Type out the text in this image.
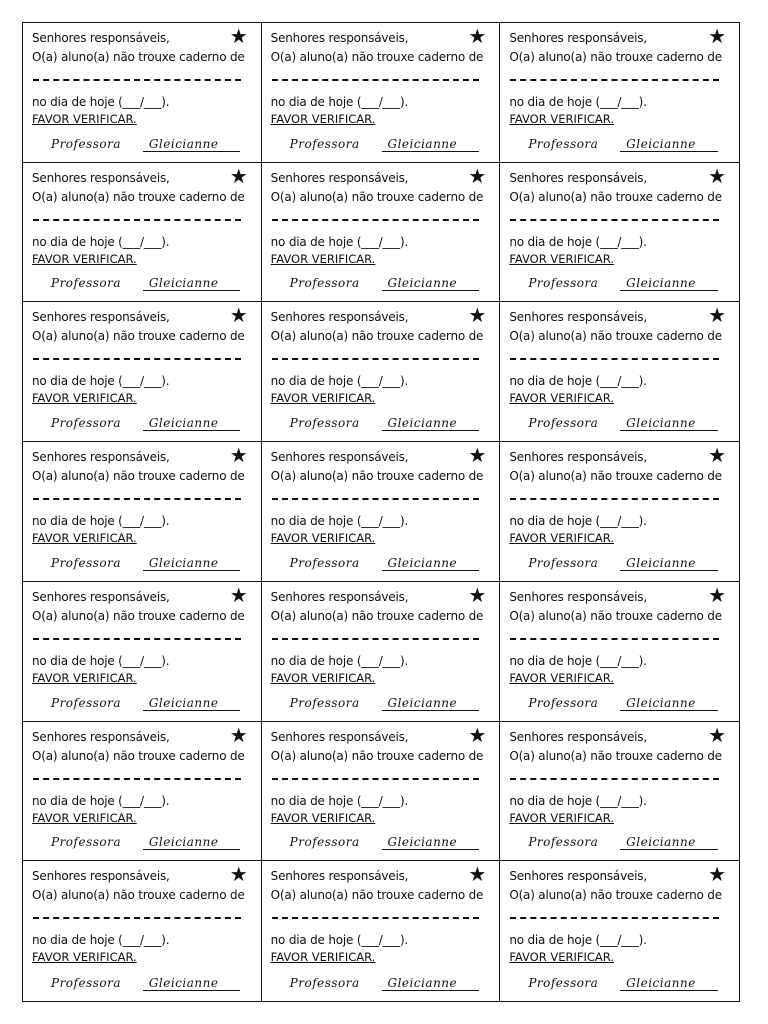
★
Senhores responsáveis,
O(a) aluno(a) não trouxe caderno de
no dia de hoje (___/___).
FAVOR VERIFICAR.
Professora Gleicianne
★
Senhores responsáveis,
O(a) aluno(a) não trouxe caderno de
no dia de hoje (___/___).
FAVOR VERIFICAR.
Professora Gleicianne
★
Senhores responsáveis,
O(a) aluno(a) não trouxe caderno de
no dia de hoje (___/___).
FAVOR VERIFICAR.
Professora Gleicianne
★
Senhores responsáveis,
O(a) aluno(a) não trouxe caderno de
no dia de hoje (___/___).
FAVOR VERIFICAR.
Professora Gleicianne
★
Senhores responsáveis,
O(a) aluno(a) não trouxe caderno de
no dia de hoje (___/___).
FAVOR VERIFICAR.
Professora Gleicianne
★
Senhores responsáveis,
O(a) aluno(a) não trouxe caderno de
no dia de hoje (___/___).
FAVOR VERIFICAR.
Professora Gleicianne
★
Senhores responsáveis,
O(a) aluno(a) não trouxe caderno de
no dia de hoje (___/___).
FAVOR VERIFICAR.
Professora Gleicianne
★
Senhores responsáveis,
O(a) aluno(a) não trouxe caderno de
no dia de hoje (___/___).
FAVOR VERIFICAR.
Professora Gleicianne
★
Senhores responsáveis,
O(a) aluno(a) não trouxe caderno de
no dia de hoje (___/___).
FAVOR VERIFICAR.
Professora Gleicianne
★
Senhores responsáveis,
O(a) aluno(a) não trouxe caderno de
no dia de hoje (___/___).
FAVOR VERIFICAR.
Professora Gleicianne
★
Senhores responsáveis,
O(a) aluno(a) não trouxe caderno de
no dia de hoje (___/___).
FAVOR VERIFICAR.
Professora Gleicianne
★
Senhores responsáveis,
O(a) aluno(a) não trouxe caderno de
no dia de hoje (___/___).
FAVOR VERIFICAR.
Professora Gleicianne
★
Senhores responsáveis,
O(a) aluno(a) não trouxe caderno de
no dia de hoje (___/___).
FAVOR VERIFICAR.
Professora Gleicianne
★
Senhores responsáveis,
O(a) aluno(a) não trouxe caderno de
no dia de hoje (___/___).
FAVOR VERIFICAR.
Professora Gleicianne
★
Senhores responsáveis,
O(a) aluno(a) não trouxe caderno de
no dia de hoje (___/___).
FAVOR VERIFICAR.
Professora Gleicianne
★
Senhores responsáveis,
O(a) aluno(a) não trouxe caderno de
no dia de hoje (___/___).
FAVOR VERIFICAR.
Professora Gleicianne
★
Senhores responsáveis,
O(a) aluno(a) não trouxe caderno de
no dia de hoje (___/___).
FAVOR VERIFICAR.
Professora Gleicianne
★
Senhores responsáveis,
O(a) aluno(a) não trouxe caderno de
no dia de hoje (___/___).
FAVOR VERIFICAR.
Professora Gleicianne
★
Senhores responsáveis,
O(a) aluno(a) não trouxe caderno de
no dia de hoje (___/___).
FAVOR VERIFICAR.
Professora Gleicianne
★
Senhores responsáveis,
O(a) aluno(a) não trouxe caderno de
no dia de hoje (___/___).
FAVOR VERIFICAR.
Professora Gleicianne
★
Senhores responsáveis,
O(a) aluno(a) não trouxe caderno de
no dia de hoje (___/___).
FAVOR VERIFICAR.
Professora Gleicianne
